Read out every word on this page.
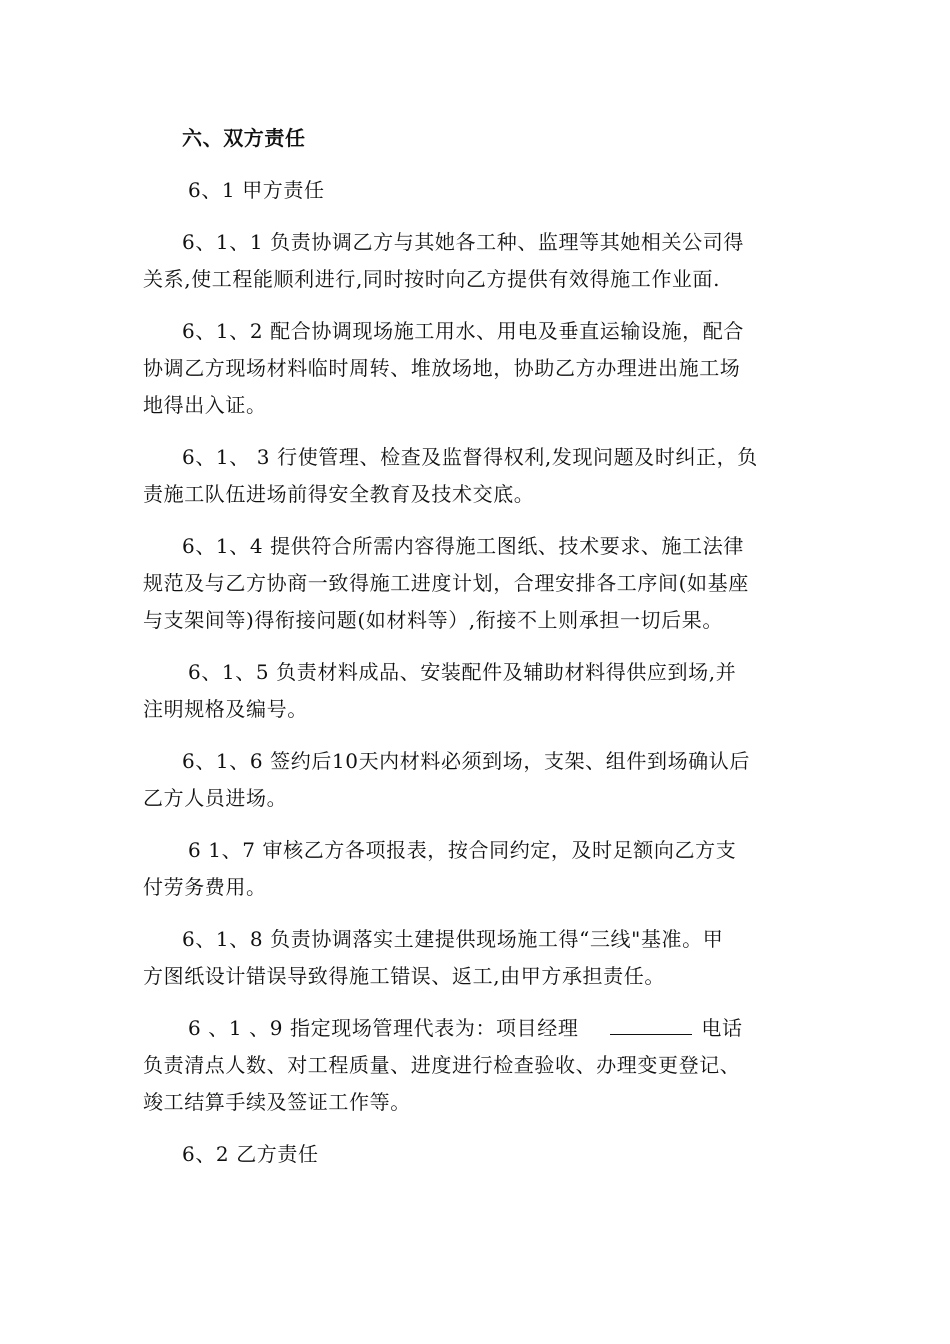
六、双方责任
6、1 甲方责任
6、1、1 负责协调乙方与其她各工种、监理等其她相关公司得
关系,使工程能顺利进行,同时按时向乙方提供有效得施工作业面.
6、1、2 配合协调现场施工用水、用电及垂直运输设施，配合
协调乙方现场材料临时周转、堆放场地，协助乙方办理进出施工场
地得出入证。
6、1、 3 行使管理、检查及监督得权利,发现问题及时纠正，负
责施工队伍进场前得安全教育及技术交底。
6、1、4 提供符合所需内容得施工图纸、技术要求、施工法律
规范及与乙方协商一致得施工进度计划，合理安排各工序间(如基座
与支架间等)得衔接问题(如材料等）,衔接不上则承担一切后果。
6、1、5 负责材料成品、安装配件及辅助材料得供应到场,并
注明规格及编号。
6、1、6 签约后10天内材料必须到场，支架、组件到场确认后
乙方人员进场。
6 1、7 审核乙方各项报表，按合同约定，及时足额向乙方支
付劳务费用。
6、1、8 负责协调落实土建提供现场施工得“三线"基准。甲
方图纸设计错误导致得施工错误、返工,由甲方承担责任。
6 、1 、9 指定现场管理代表为：项目经理	电话
负责清点人数、对工程质量、进度进行检查验收、办理变更登记、
竣工结算手续及签证工作等。
6、2 乙方责任
